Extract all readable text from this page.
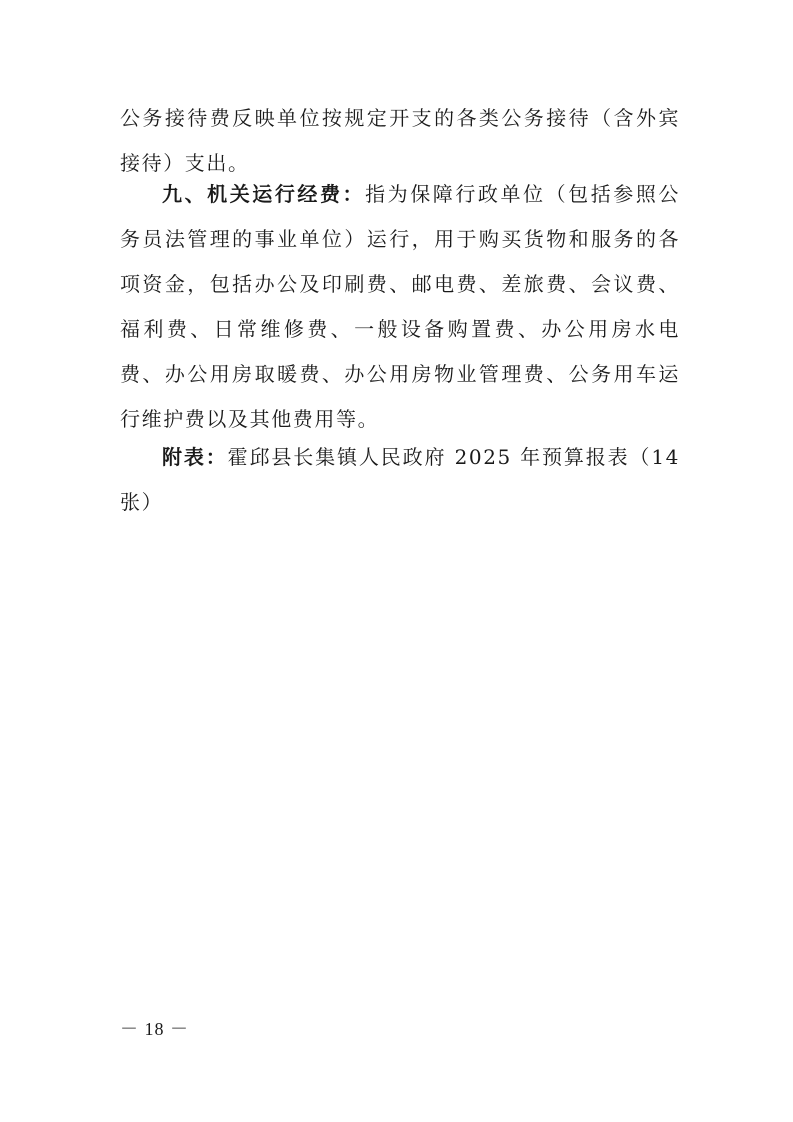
公务接待费反映单位按规定开支的各类公务接待（含外宾接待）支出。

九、机关运行经费：指为保障行政单位（包括参照公务员法管理的事业单位）运行，用于购买货物和服务的各项资金，包括办公及印刷费、邮电费、差旅费、会议费、福利费、日常维修费、一般设备购置费、办公用房水电费、办公用房取暖费、办公用房物业管理费、公务用车运行维护费以及其他费用等。

附表：霍邱县长集镇人民政府 2025 年预算报表（14 张）

－ 18 －
